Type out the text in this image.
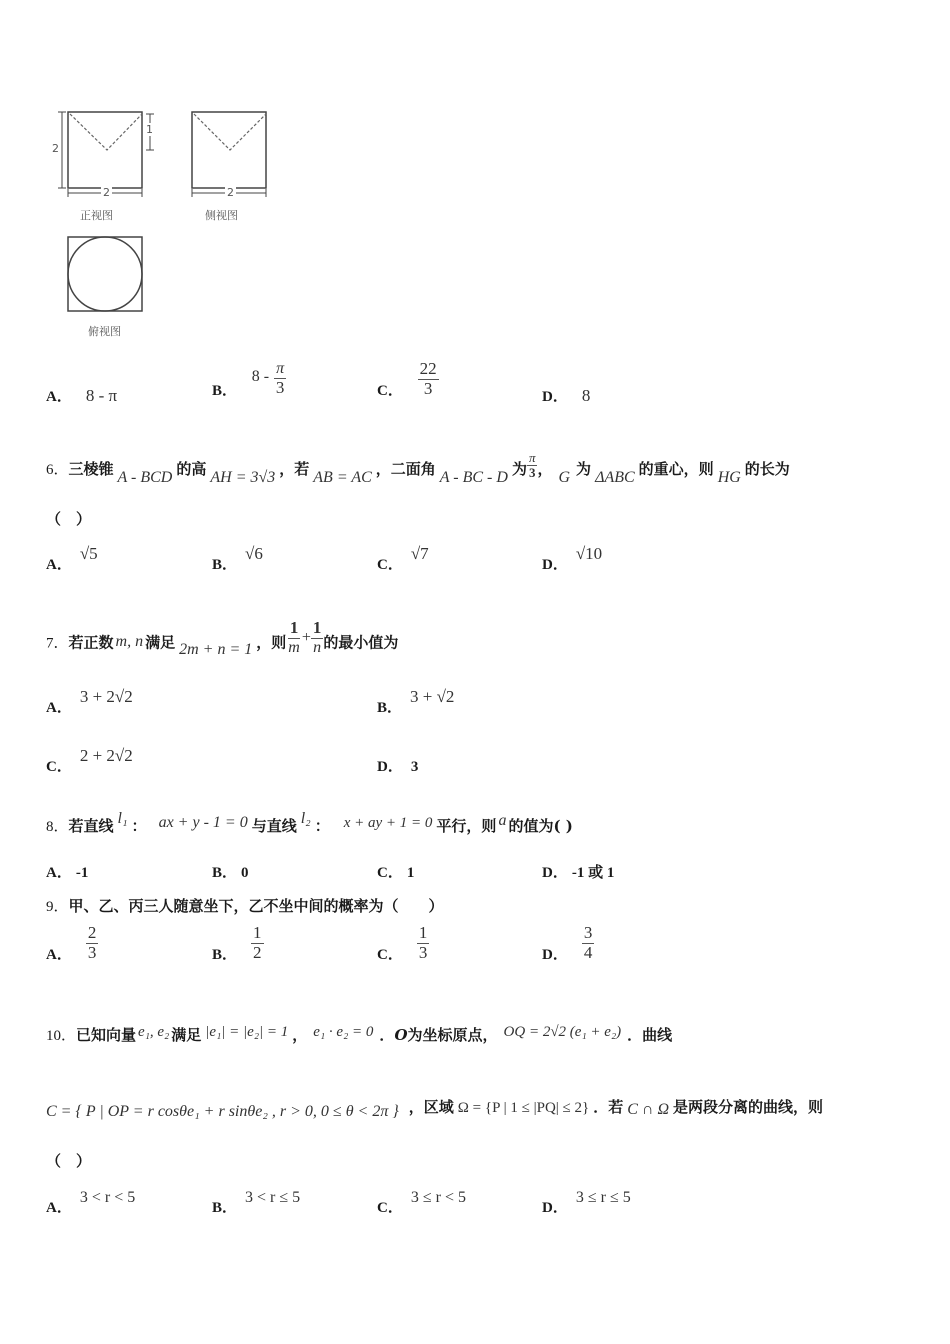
2
1
2	2
正视图	侧视图
俯视图
A． 8 - π	B． $8 - \frac{\pi}{3}$	C． $\frac{22}{3}$	D． 8
6．三棱锥 A - BCD 的高 AH = 3√3 ，若 AB = AC ，二面角 A - BC - D 为 $\frac{\pi}{3}$ ， G 为 ΔABC 的重心，则 HG 的长为
（　）
A．√5
B．√6
C．√7
D．√10
7．若正数 m, n 满足 2m + n = 1 ，则 $\frac{1}{m} + \frac{1}{n}$ 的最小值为
A．3 + 2√2
B．3 + √2
C．2 + 2√2
D． 3
8．若直线 l₁ ： ax + y - 1 = 0 与直线 l₂ ： x + ay + 1 = 0 平行，则 a 的值为( )
A． -1	B． 0	C． 1	D． -1 或 1
9．甲、乙、丙三人随意坐下，乙不坐中间的概率为（　　）
A． $\frac{2}{3}$	B． $\frac{1}{2}$	C． $\frac{1}{3}$	D． $\frac{3}{4}$
10．已知向量 e₁, e₂ 满足 |e₁| = |e₂| = 1 ， e₁ · e₂ = 0 ．O为坐标原点， OQ = 2√2 (e₁ + e₂) ．曲线
C = { P | OP = r cosθe₁ + r sinθe₂ , r > 0, 0 ≤ θ < 2π } ，区域 Ω = {P | 1 ≤ |PQ| ≤ 2} ．若 C ∩ Ω 是两段分离的曲线，则
（　）
A．3 < r < 5
B．3 < r ≤ 5
C．3 ≤ r < 5
D．3 ≤ r ≤ 5
